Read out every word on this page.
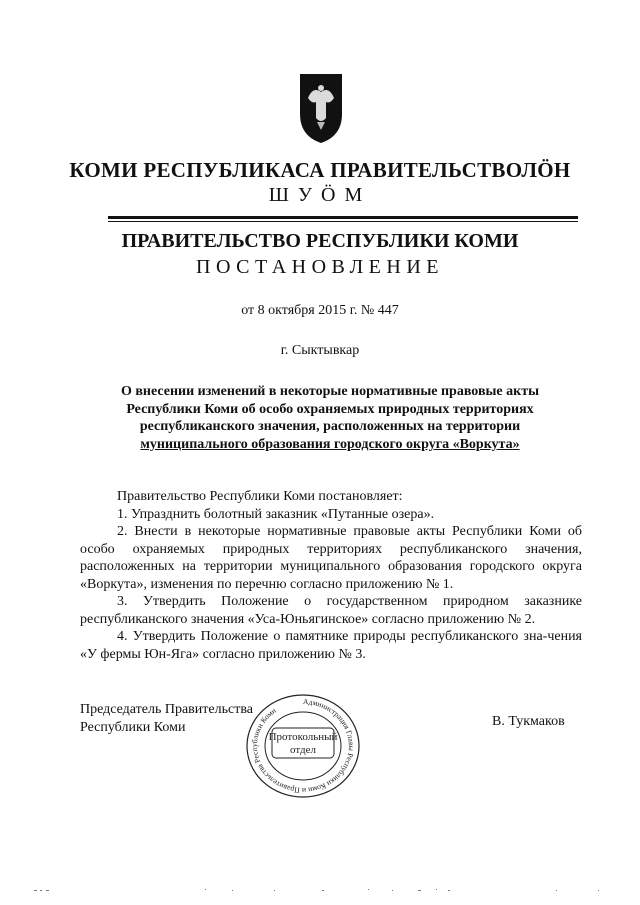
КОМИ РЕСПУБЛИКАСА ПРАВИТЕЛЬСТВОЛӦН
ШУӦМ
ПРАВИТЕЛЬСТВО РЕСПУБЛИКИ КОМИ
ПОСТАНОВЛЕНИЕ
от 8 октября 2015 г. № 447
г. Сыктывкар
О внесении изменений в некоторые нормативные правовые акты
Республики Коми об особо охраняемых природных территориях
республиканского значения, расположенных на территории
муниципального образования городского округа «Воркута»
Правительство Республики Коми постановляет:
1. Упразднить болотный заказник «Путанные озера».
2. Внести в некоторые нормативные правовые акты Республики Коми об особо охраняемых природных территориях республиканского значения, расположенных на территории муниципального образования городского округа «Воркута», изменения по перечню согласно приложению № 1.
3. Утвердить Положение о государственном природном заказнике республиканского значения «Уса-Юньягинское» согласно приложению № 2.
4. Утвердить Положение о памятнике природы республиканского зна-чения «У фермы Юн-Яга» согласно приложению № 3.
Председатель Правительства
Республики Коми	В. Тукмаков
Администрация Главы Республики Коми и Правительства Республики Коми
Протокольный
отдел
